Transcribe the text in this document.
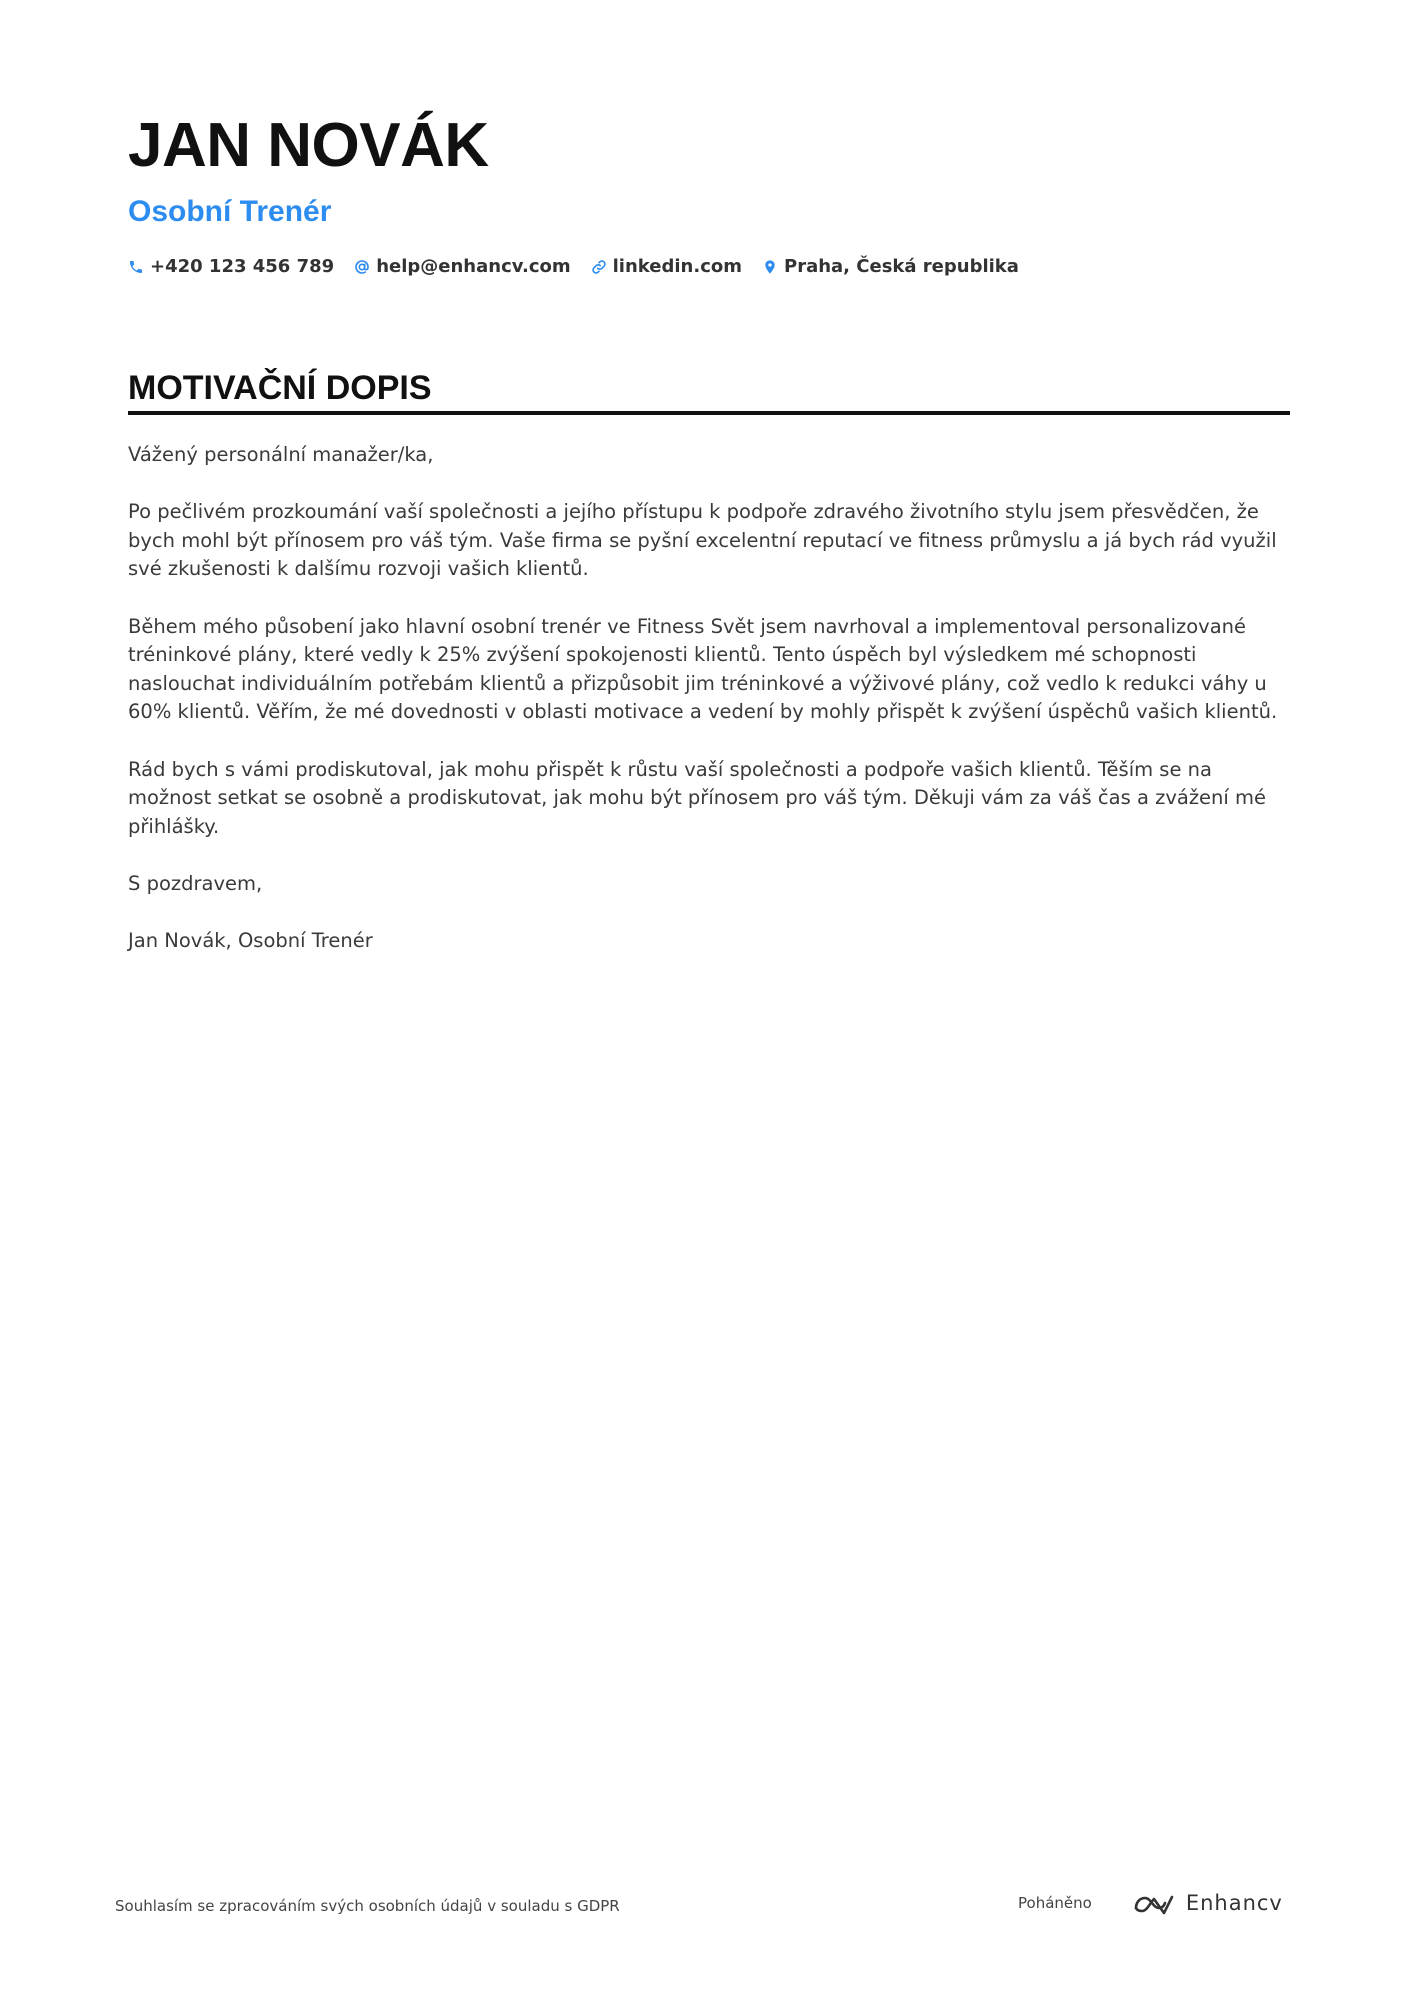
JAN NOVÁK
Osobní Trenér
+420 123 456 789 help@enhancv.com linkedin.com Praha, Česká republika
MOTIVAČNÍ DOPIS

Vážený personální manažer/ka,

Po pečlivém prozkoumání vaší společnosti a jejího přístupu k podpoře zdravého životního stylu jsem přesvědčen, že bych mohl být přínosem pro váš tým. Vaše firma se pyšní excelentní reputací ve fitness průmyslu a já bych rád využil své zkušenosti k dalšímu rozvoji vašich klientů.

Během mého působení jako hlavní osobní trenér ve Fitness Svět jsem navrhoval a implementoval personalizované tréninkové plány, které vedly k 25% zvýšení spokojenosti klientů. Tento úspěch byl výsledkem mé schopnosti naslouchat individuálním potřebám klientů a přizpůsobit jim tréninkové a výživové plány, což vedlo k redukci váhy u 60% klientů. Věřím, že mé dovednosti v oblasti motivace a vedení by mohly přispět k zvýšení úspěchů vašich klientů.

Rád bych s vámi prodiskutoval, jak mohu přispět k růstu vaší společnosti a podpoře vašich klientů. Těším se na možnost setkat se osobně a prodiskutovat, jak mohu být přínosem pro váš tým. Děkuji vám za váš čas a zvážení mé přihlášky.

S pozdravem,

Jan Novák, Osobní Trenér

Souhlasím se zpracováním svých osobních údajů v souladu s GDPR	Poháněno	Enhancv
